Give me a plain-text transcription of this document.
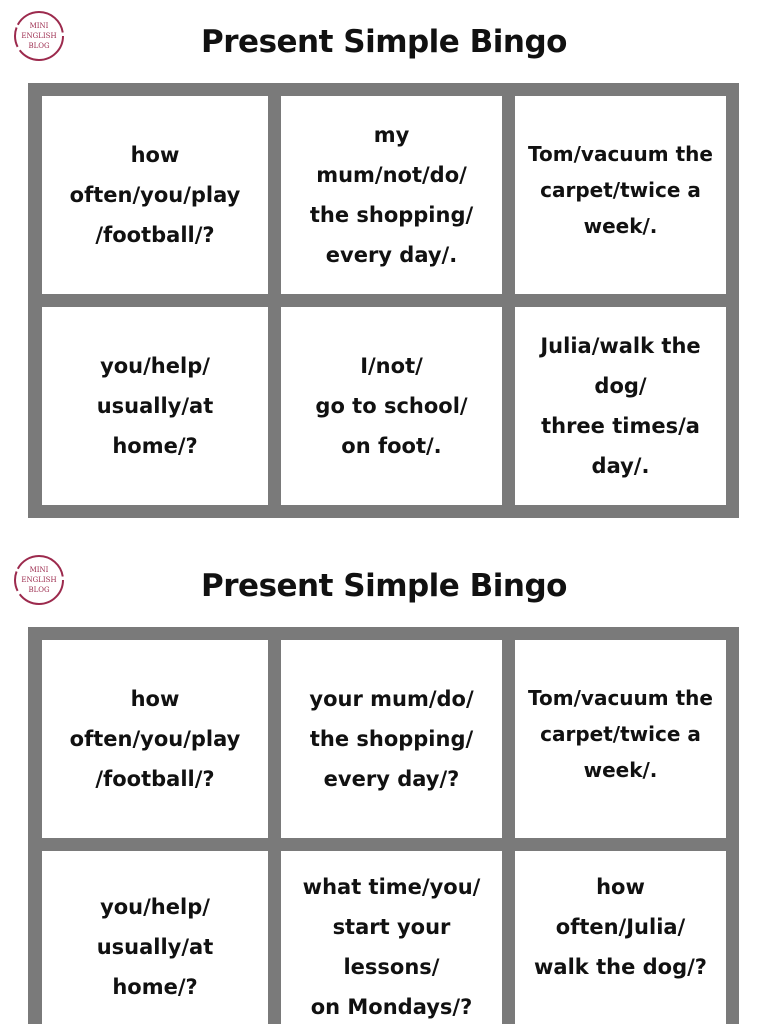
MINI
ENGLISH
BLOG	Present Simple Bingo
how
often/you/play
/football/?
my
mum/not/do/
the shopping/
every day/.
Tom/vacuum the
carpet/twice a
week/.
you/help/
usually/at
home/?
I/not/
go to school/
on foot/.
Julia/walk the
dog/
three times/a
day/.
MINI
ENGLISH
BLOG	Present Simple Bingo
how
often/you/play
/football/?
your mum/do/
the shopping/
every day/?
Tom/vacuum the
carpet/twice a
week/.
you/help/
usually/at
home/?
what time/you/
start your
lessons/
on Mondays/?
how
often/Julia/
walk the dog/?
